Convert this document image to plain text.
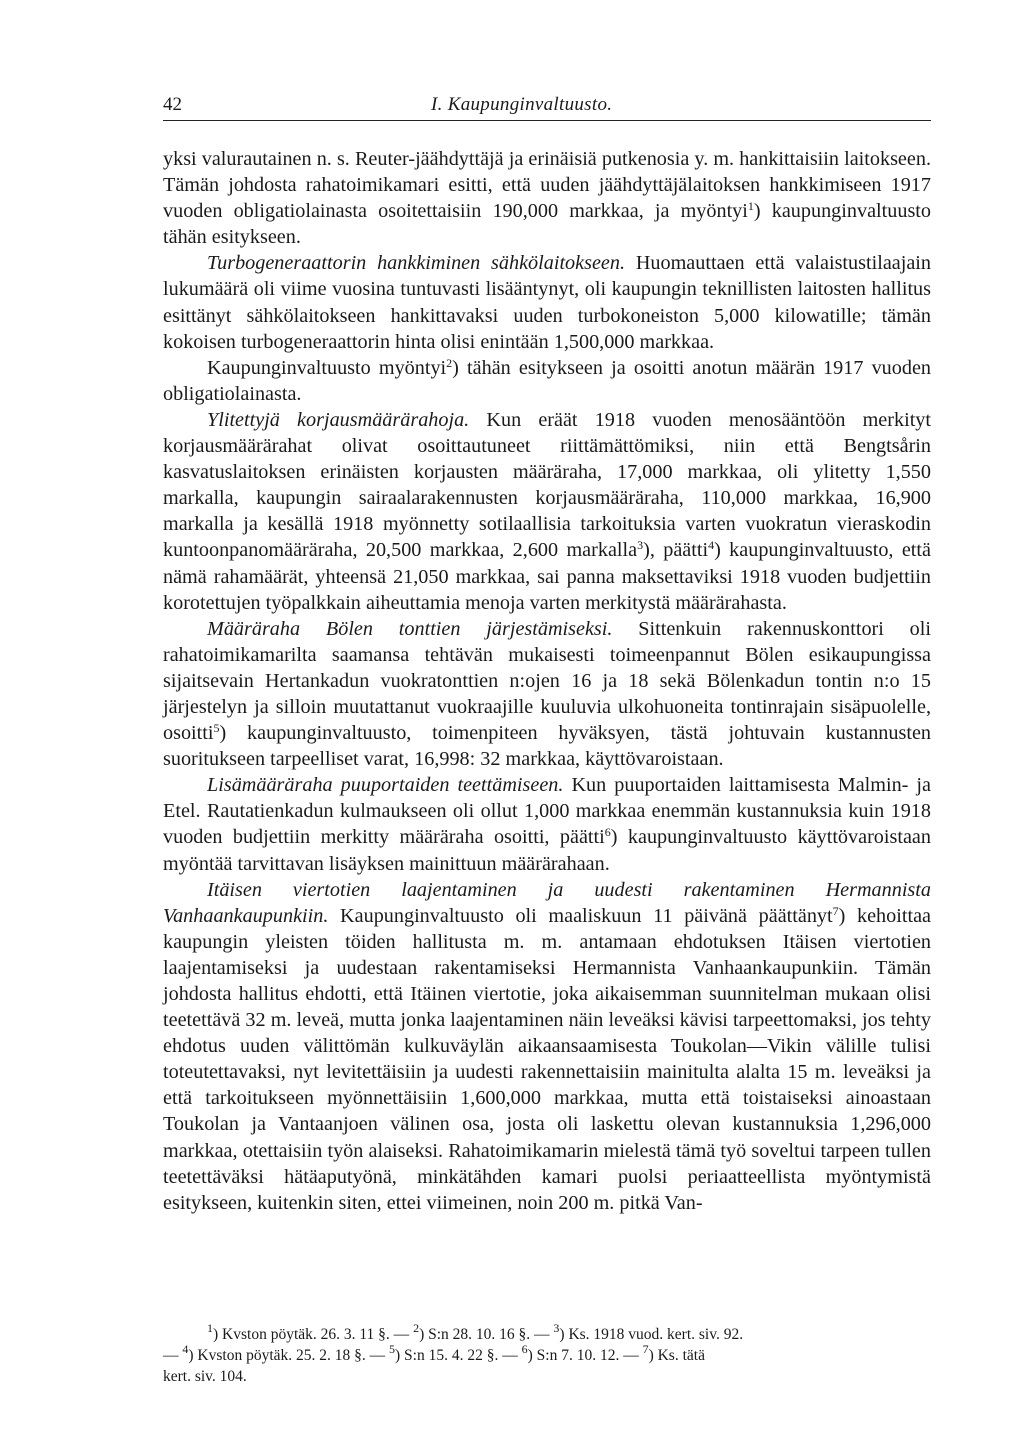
42	I. Kaupunginvaltuusto.

yksi valurautainen n. s. Reuter-jäähdyttäjä ja erinäisiä putkenosia y. m. hankittaisiin laitokseen. Tämän johdosta rahatoimikamari esitti, että uuden jäähdyttäjälaitoksen hankkimiseen 1917 vuoden obligatiolainasta osoitettaisiin 190,000 markkaa, ja myöntyi$^1$) kaupunginvaltuusto tähän esitykseen.

Turbogeneraattorin hankkiminen sähkölaitokseen. Huomauttaen että valaistustilaajain lukumäärä oli viime vuosina tuntuvasti lisääntynyt, oli kaupungin teknillisten laitosten hallitus esittänyt sähkölaitokseen hankittavaksi uuden turbokoneiston 5,000 kilowatille; tämän kokoisen turbogeneraattorin hinta olisi enintään 1,500,000 markkaa.

Kaupunginvaltuusto myöntyi$^2$) tähän esitykseen ja osoitti anotun määrän 1917 vuoden obligatiolainasta.

Ylitettyjä korjausmäärärahoja. Kun eräät 1918 vuoden menosääntöön merkityt korjausmäärärahat olivat osoittautuneet riittämättömiksi, niin että Bengtsårin kasvatuslaitoksen erinäisten korjausten määräraha, 17,000 markkaa, oli ylitetty 1,550 markalla, kaupungin sairaalarakennusten korjausmääräraha, 110,000 markkaa, 16,900 markalla ja kesällä 1918 myönnetty sotilaallisia tarkoituksia varten vuokratun vieraskodin kuntoonpanomääräraha, 20,500 markkaa, 2,600 markalla$^3$), päätti$^4$) kaupunginvaltuusto, että nämä rahamäärät, yhteensä 21,050 markkaa, sai panna maksettaviksi 1918 vuoden budjettiin korotettujen työpalkkain aiheuttamia menoja varten merkitystä määrärahasta.

Määräraha Bölen tonttien järjestämiseksi. Sittenkuin rakennuskonttori oli rahatoimikamarilta saamansa tehtävän mukaisesti toimeenpannut Bölen esikaupungissa sijaitsevain Hertankadun vuokratonttien n:ojen 16 ja 18 sekä Bölenkadun tontin n:o 15 järjestelyn ja silloin muutattanut vuokraajille kuuluvia ulkohuoneita tontinrajain sisäpuolelle, osoitti$^5$) kaupunginvaltuusto, toimenpiteen hyväksyen, tästä johtuvain kustannusten suoritukseen tarpeelliset varat, 16,998: 32 markkaa, käyttövaroistaan.

Lisämääräraha puuportaiden teettämiseen. Kun puuportaiden laittamisesta Malmin- ja Etel. Rautatienkadun kulmaukseen oli ollut 1,000 markkaa enemmän kustannuksia kuin 1918 vuoden budjettiin merkitty määräraha osoitti, päätti$^6$) kaupunginvaltuusto käyttövaroistaan myöntää tarvittavan lisäyksen mainittuun määrärahaan.

Itäisen viertotien laajentaminen ja uudesti rakentaminen Hermannista Vanhaankaupunkiin. Kaupunginvaltuusto oli maaliskuun 11 päivänä päättänyt$^7$) kehoittaa kaupungin yleisten töiden hallitusta m. m. antamaan ehdotuksen Itäisen viertotien laajentamiseksi ja uudestaan rakentamiseksi Hermannista Vanhaankaupunkiin. Tämän johdosta hallitus ehdotti, että Itäinen viertotie, joka aikaisemman suunnitelman mukaan olisi teetettävä 32 m. leveä, mutta jonka laajentaminen näin leveäksi kävisi tarpeettomaksi, jos tehty ehdotus uuden välittömän kulkuväylän aikaansaamisesta Toukolan—Vikin välille tulisi toteutettavaksi, nyt levitettäisiin ja uudesti rakennettaisiin mainitulta alalta 15 m. leveäksi ja että tarkoitukseen myönnettäisiin 1,600,000 markkaa, mutta että toistaiseksi ainoastaan Toukolan ja Vantaanjoen välinen osa, josta oli laskettu olevan kustannuksia 1,296,000 markkaa, otettaisiin työn alaiseksi. Rahatoimikamarin mielestä tämä työ soveltui tarpeen tullen teetettäväksi hätäaputyönä, minkätähden kamari puolsi periaatteellista myöntymistä esitykseen, kuitenkin siten, ettei viimeinen, noin 200 m. pitkä Van-

$^1$) Kvston pöytäk. 26. 3. 11 §. — $^2$) S:n 28. 10. 16 §. — $^3$) Ks. 1918 vuod. kert. siv. 92.

— $^4$) Kvston pöytäk. 25. 2. 18 §. — $^5$) S:n 15. 4. 22 §. — $^6$) S:n 7. 10. 12. — $^7$) Ks. tätä

kert. siv. 104.
